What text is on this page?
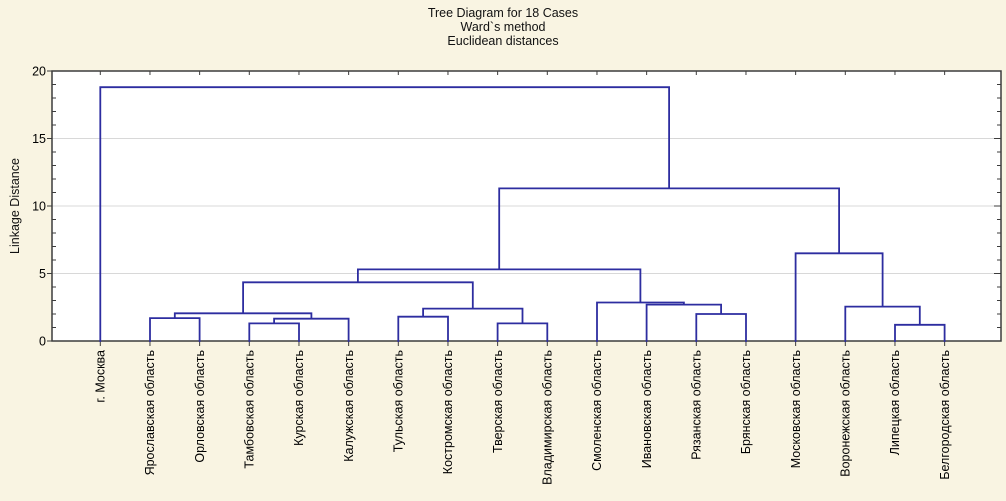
Tree Diagram for 18 Cases
Ward`s method
Euclidean distances
Linkage Distance
0
5
10
15
20
г. Москва	Ярославская область	Орловская область	Тамбовская область	Курская область	Калужская область	Тульская область	Костромская область	Тверская область	Владимирская область	Смоленская область	Ивановская область	Рязанская область	Брянская область	Московская область	Воронежская область	Липецкая область	Белгородская область
